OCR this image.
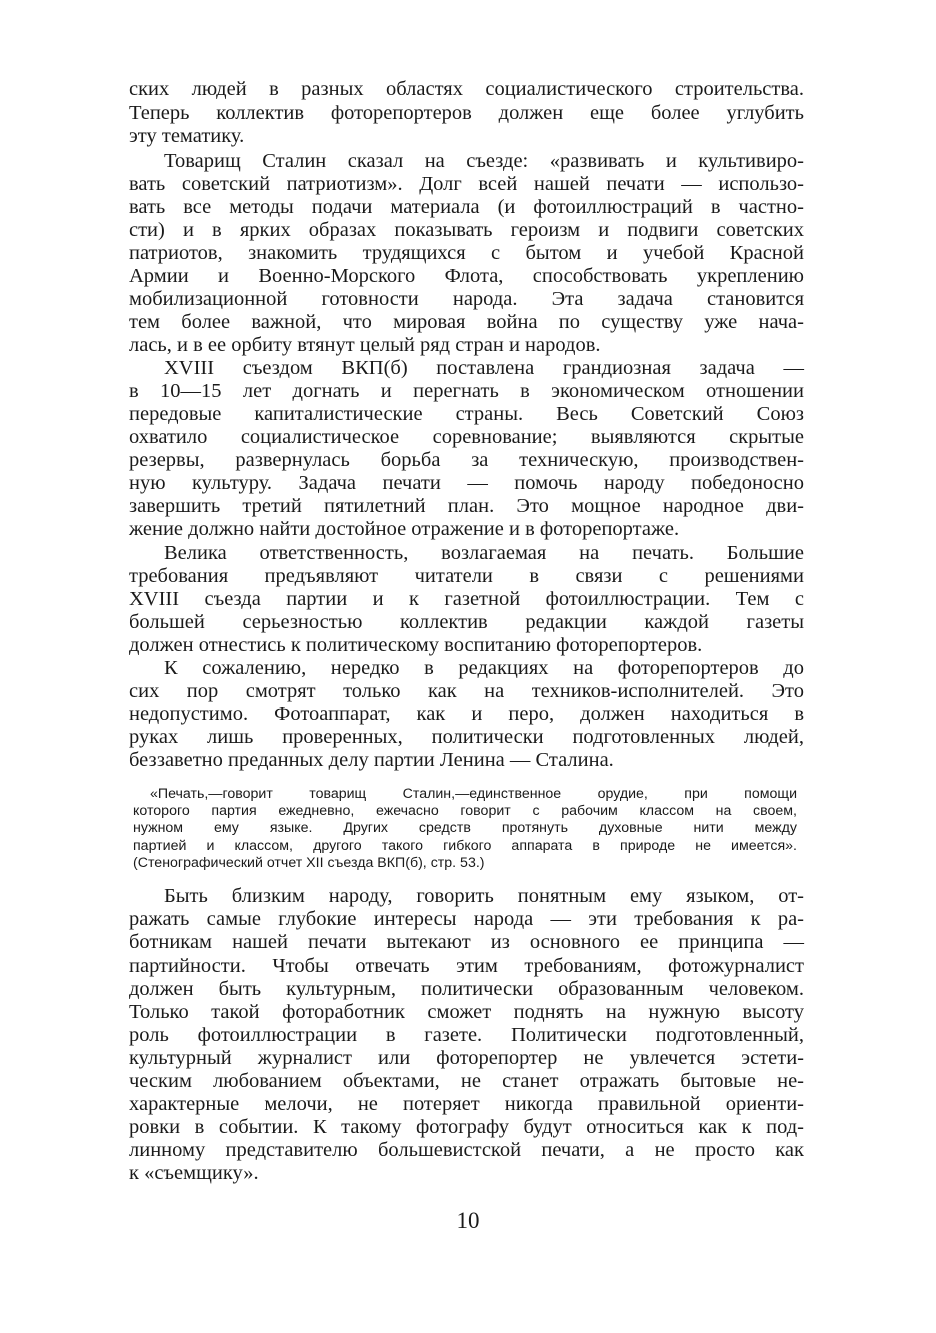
ских людей в разных областях социалистического строительства.
Теперь коллектив фоторепортеров должен еще более углубить
эту тематику.
Товарищ Сталин сказал на съезде: «развивать и культивиро-
вать советский патриотизм». Долг всей нашей печати — использо-
вать все методы подачи материала (и фотоиллюстраций в частно-
сти) и в ярких образах показывать героизм и подвиги советских
патриотов, знакомить трудящихся с бытом и учебой Красной
Армии и Военно-Морского Флота, способствовать укреплению
мобилизационной готовности народа. Эта задача становится
тем более важной, что мировая война по существу уже нача-
лась, и в ее орбиту втянут целый ряд стран и народов.
XVIII съездом ВКП(б) поставлена грандиозная задача —
в 10—15 лет догнать и перегнать в экономическом отношении
передовые капиталистические страны. Весь Советский Союз
охватило социалистическое соревнование; выявляются скрытые
резервы, развернулась борьба за техническую, производствен-
ную культуру. Задача печати — помочь народу победоносно
завершить третий пятилетний план. Это мощное народное дви-
жение должно найти достойное отражение и в фоторепортаже.
Велика ответственность, возлагаемая на печать. Большие
требования предъявляют читатели в связи с решениями
XVIII съезда партии и к газетной фотоиллюстрации. Тем с
большей серьезностью коллектив редакции каждой газеты
должен отнестись к политическому воспитанию фоторепортеров.
К сожалению, нередко в редакциях на фоторепортеров до
сих пор смотрят только как на техников-исполнителей. Это
недопустимо. Фотоаппарат, как и перо, должен находиться в
руках лишь проверенных, политически подготовленных людей,
беззаветно преданных делу партии Ленина — Сталина.
«Печать,—говорит товарищ Сталин,—единственное орудие, при помощи
которого партия ежедневно, ежечасно говорит с рабочим классом на своем,
нужном ему языке. Других средств протянуть духовные нити между
партией и классом, другого такого гибкого аппарата в природе не имеется».
(Стенографический отчет XII съезда ВКП(б), стр. 53.)
Быть близким народу, говорить понятным ему языком, от-
ражать самые глубокие интересы народа — эти требования к ра-
ботникам нашей печати вытекают из основного ее принципа —
партийности. Чтобы отвечать этим требованиям, фотожурналист
должен быть культурным, политически образованным человеком.
Только такой фотоработник сможет поднять на нужную высоту
роль фотоиллюстрации в газете. Политически подготовленный,
культурный журналист или фоторепортер не увлечется эстети-
ческим любованием объектами, не станет отражать бытовые не-
характерные мелочи, не потеряет никогда правильной ориенти-
ровки в событии. К такому фотографу будут относиться как к под-
линному представителю большевистской печати, а не просто как
к «съемщику».
10
